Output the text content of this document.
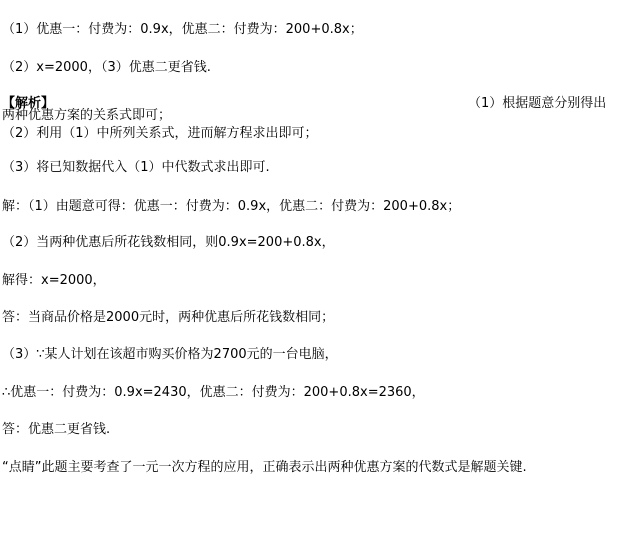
（1）优惠一：付费为：0.9x，优惠二：付费为：200+0.8x；
（2）x=2000，（3）优惠二更省钱.
【解析】	（1）根据题意分别得出
两种优惠方案的关系式即可；
（2）利用（1）中所列关系式，进而解方程求出即可；
（3）将已知数据代入（1）中代数式求出即可.
解：（1）由题意可得：优惠一：付费为：0.9x，优惠二：付费为：200+0.8x；
（2）当两种优惠后所花钱数相同，则0.9x=200+0.8x，
解得：x=2000，
答：当商品价格是2000元时，两种优惠后所花钱数相同；
（3）∵某人计划在该超市购买价格为2700元的一台电脑，
∴优惠一：付费为：0.9x=2430，优惠二：付费为：200+0.8x=2360，
答：优惠二更省钱.
“点睛”此题主要考查了一元一次方程的应用，正确表示出两种优惠方案的代数式是解题关键.
